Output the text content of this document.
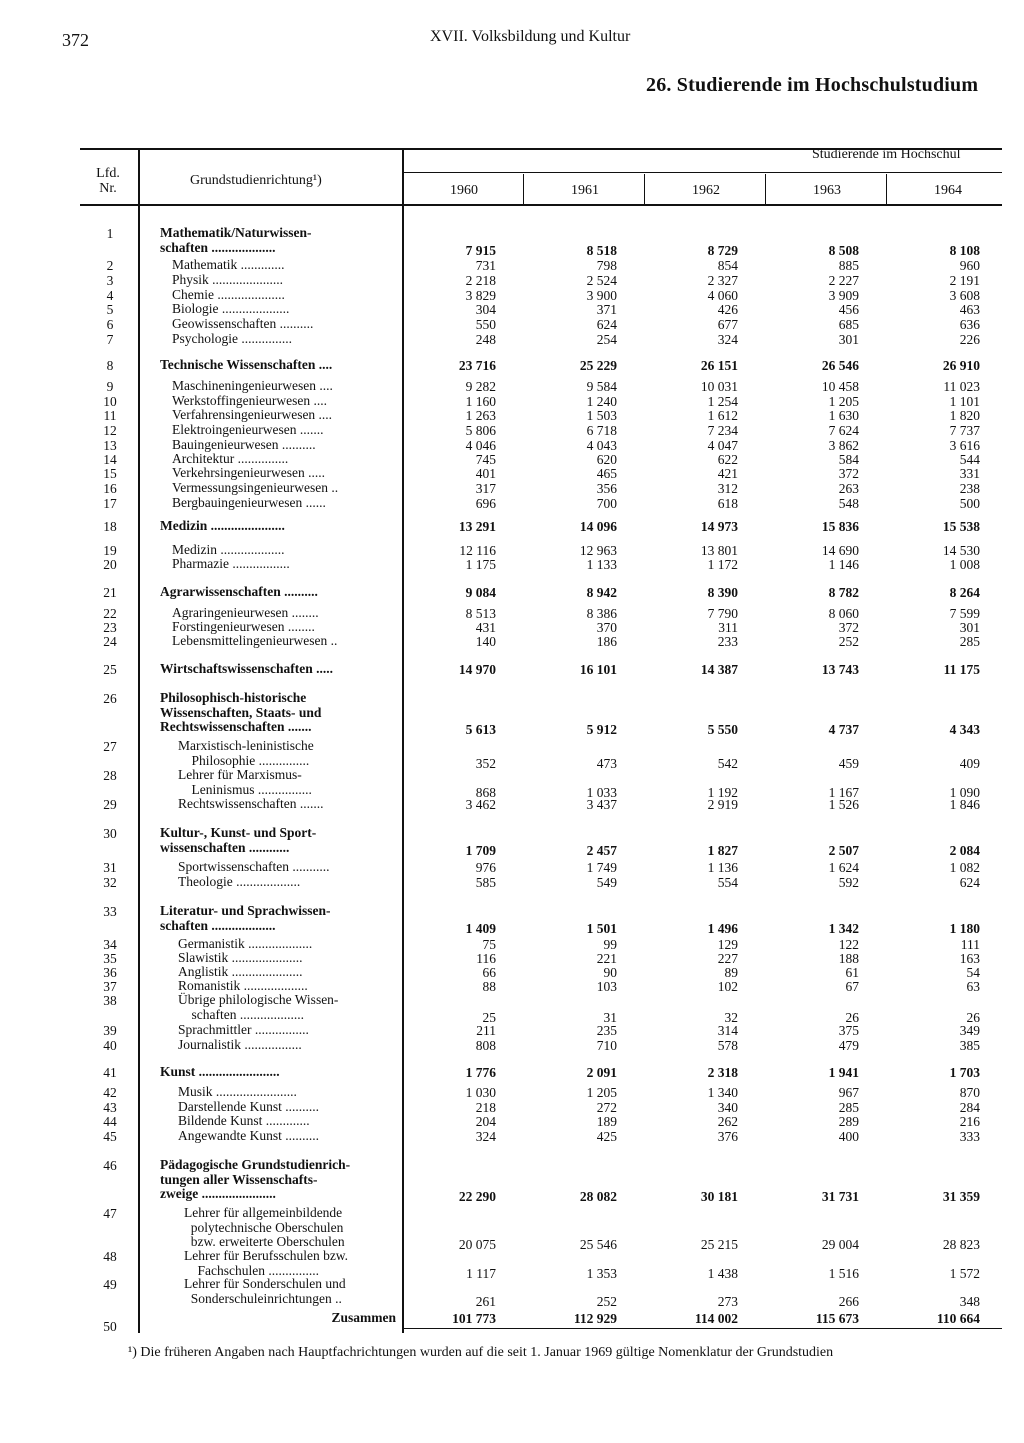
372	XVII. Volksbildung und Kultur
26. Studierende im Hochschulstudium
Lfd.
Nr.
Grundstudienrichtung¹)
Studierende im Hochschul
1960	1961	1962	1963	1964
1	Mathematik/Naturwissen-
schaften ...................	7 915	8 518	8 729	8 508	8 108
2	Mathematik .............	731	798	854	885	960
3	Physik .....................	2 218	2 524	2 327	2 227	2 191
4	Chemie ....................	3 829	3 900	4 060	3 909	3 608
5	Biologie ....................	304	371	426	456	463
6	Geowissenschaften ..........	550	624	677	685	636
7	Psychologie ...............	248	254	324	301	226
8	Technische Wissenschaften ....	23 716	25 229	26 151	26 546	26 910
9	Maschineningenieurwesen ....	9 282	9 584	10 031	10 458	11 023
10	Werkstoffingenieurwesen ....	1 160	1 240	1 254	1 205	1 101
11	Verfahrensingenieurwesen ....	1 263	1 503	1 612	1 630	1 820
12	Elektroingenieurwesen .......	5 806	6 718	7 234	7 624	7 737
13	Bauingenieurwesen ..........	4 046	4 043	4 047	3 862	3 616
14	Architektur ...............	745	620	622	584	544
15	Verkehrsingenieurwesen .....	401	465	421	372	331
16	Vermessungsingenieurwesen ..	317	356	312	263	238
17	Bergbauingenieurwesen ......	696	700	618	548	500
18	Medizin ......................	13 291	14 096	14 973	15 836	15 538
19	Medizin ...................	12 116	12 963	13 801	14 690	14 530
20	Pharmazie .................	1 175	1 133	1 172	1 146	1 008
21	Agrarwissenschaften ..........	9 084	8 942	8 390	8 782	8 264
22	Agraringenieurwesen ........	8 513	8 386	7 790	8 060	7 599
23	Forstingenieurwesen ........	431	370	311	372	301
24	Lebensmittelingenieurwesen ..	140	186	233	252	285
25	Wirtschaftswissenschaften .....	14 970	16 101	14 387	13 743	11 175
26	Philosophisch-historische
Wissenschaften, Staats- und
Rechtswissenschaften .......	5 613	5 912	5 550	4 737	4 343
27	Marxistisch-leninistische
Philosophie ...............	352	473	542	459	409
28	Lehrer für Marxismus-
Leninismus ................	868	1 033	1 192	1 167	1 090
29	Rechtswissenschaften .......	3 462	3 437	2 919	1 526	1 846
30	Kultur-, Kunst- und Sport-
wissenschaften ............	1 709	2 457	1 827	2 507	2 084
31	Sportwissenschaften ...........	976	1 749	1 136	1 624	1 082
32	Theologie ...................	585	549	554	592	624
33	Literatur- und Sprachwissen-
schaften ...................	1 409	1 501	1 496	1 342	1 180
34	Germanistik ...................	75	99	129	122	111
35	Slawistik .....................	116	221	227	188	163
36	Anglistik .....................	66	90	89	61	54
37	Romanistik ...................	88	103	102	67	63
38	Übrige philologische Wissen-
schaften ...................	25	31	32	26	26
39	Sprachmittler ................	211	235	314	375	349
40	Journalistik .................	808	710	578	479	385
41	Kunst ........................	1 776	2 091	2 318	1 941	1 703
42	Musik ........................	1 030	1 205	1 340	967	870
43	Darstellende Kunst ..........	218	272	340	285	284
44	Bildende Kunst .............	204	189	262	289	216
45	Angewandte Kunst ..........	324	425	376	400	333
46	Pädagogische Grundstudienrich-
tungen aller Wissenschafts-
zweige ......................	22 290	28 082	30 181	31 731	31 359
47	Lehrer für allgemeinbildende
polytechnische Oberschulen
bzw. erweiterte Oberschulen	20 075	25 546	25 215	29 004	28 823
48	Lehrer für Berufsschulen bzw.
Fachschulen ...............	1 117	1 353	1 438	1 516	1 572
49	Lehrer für Sonderschulen und
Sonderschuleinrichtungen ..	261	252	273	266	348
50
Zusammen	101 773	112 929	114 002	115 673	110 664
¹) Die früheren Angaben nach Hauptfachrichtungen wurden auf die seit 1. Januar 1969 gültige Nomenklatur der Grundstudien
